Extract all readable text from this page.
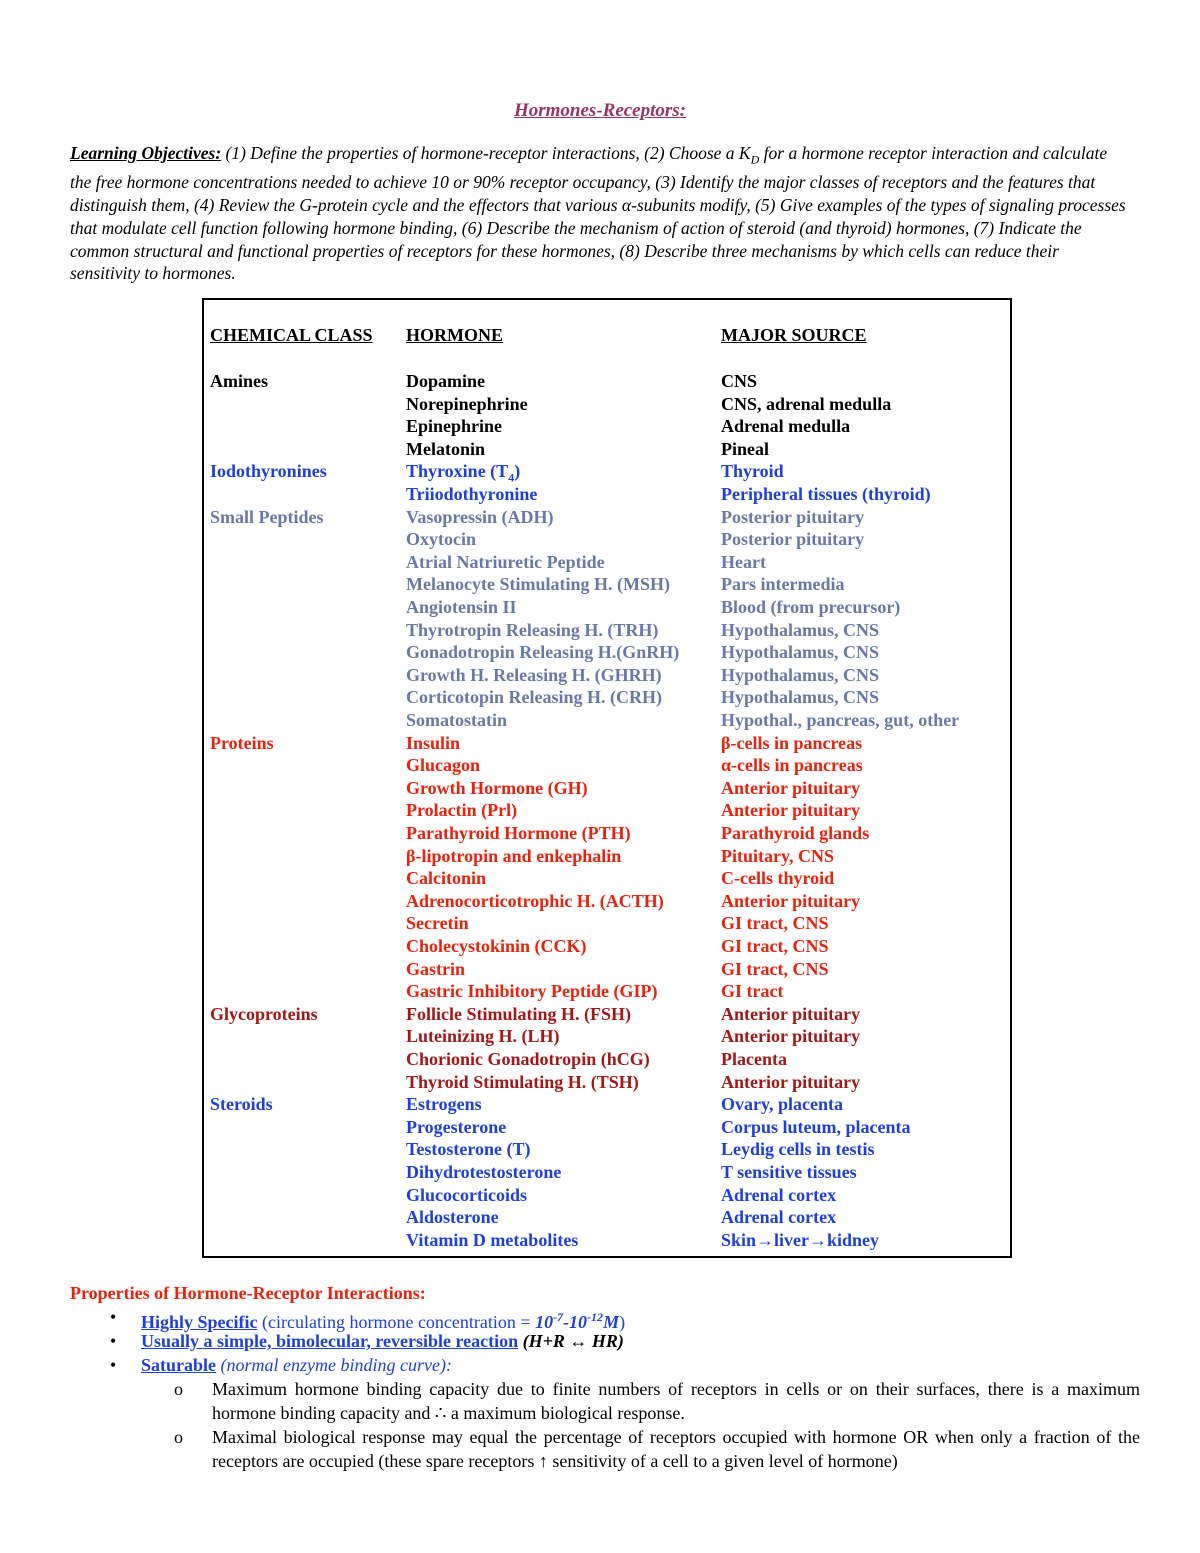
Hormones-Receptors:
Learning Objectives: (1) Define the properties of hormone-receptor interactions, (2) Choose a $K_D$ for a hormone receptor interaction and calculate the free hormone concentrations needed to achieve 10 or 90% receptor occupancy, (3) Identify the major classes of receptors and the features that distinguish them, (4) Review the G-protein cycle and the effectors that various α-subunits modify, (5) Give examples of the types of signaling processes that modulate cell function following hormone binding, (6) Describe the mechanism of action of steroid (and thyroid) hormones, (7) Indicate the common structural and functional properties of receptors for these hormones, (8) Describe three mechanisms by which cells can reduce their sensitivity to hormones.
CHEMICAL CLASS HORMONE	MAJOR SOURCE
Amines	Dopamine	CNS
Norepinephrine	CNS, adrenal medulla
Epinephrine	Adrenal medulla
Melatonin	Pineal
Iodothyronines	Thyroxine $(T_4)$	Thyroid
Triiodothyronine	Peripheral tissues (thyroid)
Small Peptides	Vasopressin (ADH)	Posterior pituitary
Oxytocin	Posterior pituitary
Atrial Natriuretic Peptide	Heart
Melanocyte Stimulating H. (MSH)	Pars intermedia
Angiotensin II	Blood (from precursor)
Thyrotropin Releasing H. (TRH)	Hypothalamus, CNS
Gonadotropin Releasing H.(GnRH) Hypothalamus, CNS
Growth H. Releasing H. (GHRH)	Hypothalamus, CNS
Corticotopin Releasing H. (CRH)	Hypothalamus, CNS
Somatostatin	Hypothal., pancreas, gut, other
Proteins	Insulin	β-cells in pancreas
Glucagon	α-cells in pancreas
Growth Hormone (GH)	Anterior pituitary
Prolactin (Prl)	Anterior pituitary
Parathyroid Hormone (PTH)	Parathyroid glands
β-lipotropin and enkephalin	Pituitary, CNS
Calcitonin	C-cells thyroid
Adrenocorticotrophic H. (ACTH)	Anterior pituitary
Secretin	GI tract, CNS
Cholecystokinin (CCK)	GI tract, CNS
Gastrin	GI tract, CNS
Gastric Inhibitory Peptide (GIP)	GI tract
Glycoproteins	Follicle Stimulating H. (FSH)	Anterior pituitary
Luteinizing H. (LH)	Anterior pituitary
Chorionic Gonadotropin (hCG)	Placenta
Thyroid Stimulating H. (TSH)	Anterior pituitary
Steroids	Estrogens	Ovary, placenta
Progesterone	Corpus luteum, placenta
Testosterone (T)	Leydig cells in testis
Dihydrotestosterone	T sensitive tissues
Glucocorticoids	Adrenal cortex
Aldosterone	Adrenal cortex
Vitamin D metabolites	Skin→liver→kidney
Properties of Hormone-Receptor Interactions:
• Highly Specific (circulating hormone concentration = $10^{-7}-10^{-12}M$)
• Usually a simple, bimolecular, reversible reaction (H+R ↔ HR)
• Saturable (normal enzyme binding curve):
o Maximum hormone binding capacity due to finite numbers of receptors in cells or on their surfaces, there is a maximum hormone binding capacity and ∴ a maximum biological response.
o Maximal biological response may equal the percentage of receptors occupied with hormone OR when only a fraction of the receptors are occupied (these spare receptors ↑ sensitivity of a cell to a given level of hormone)
